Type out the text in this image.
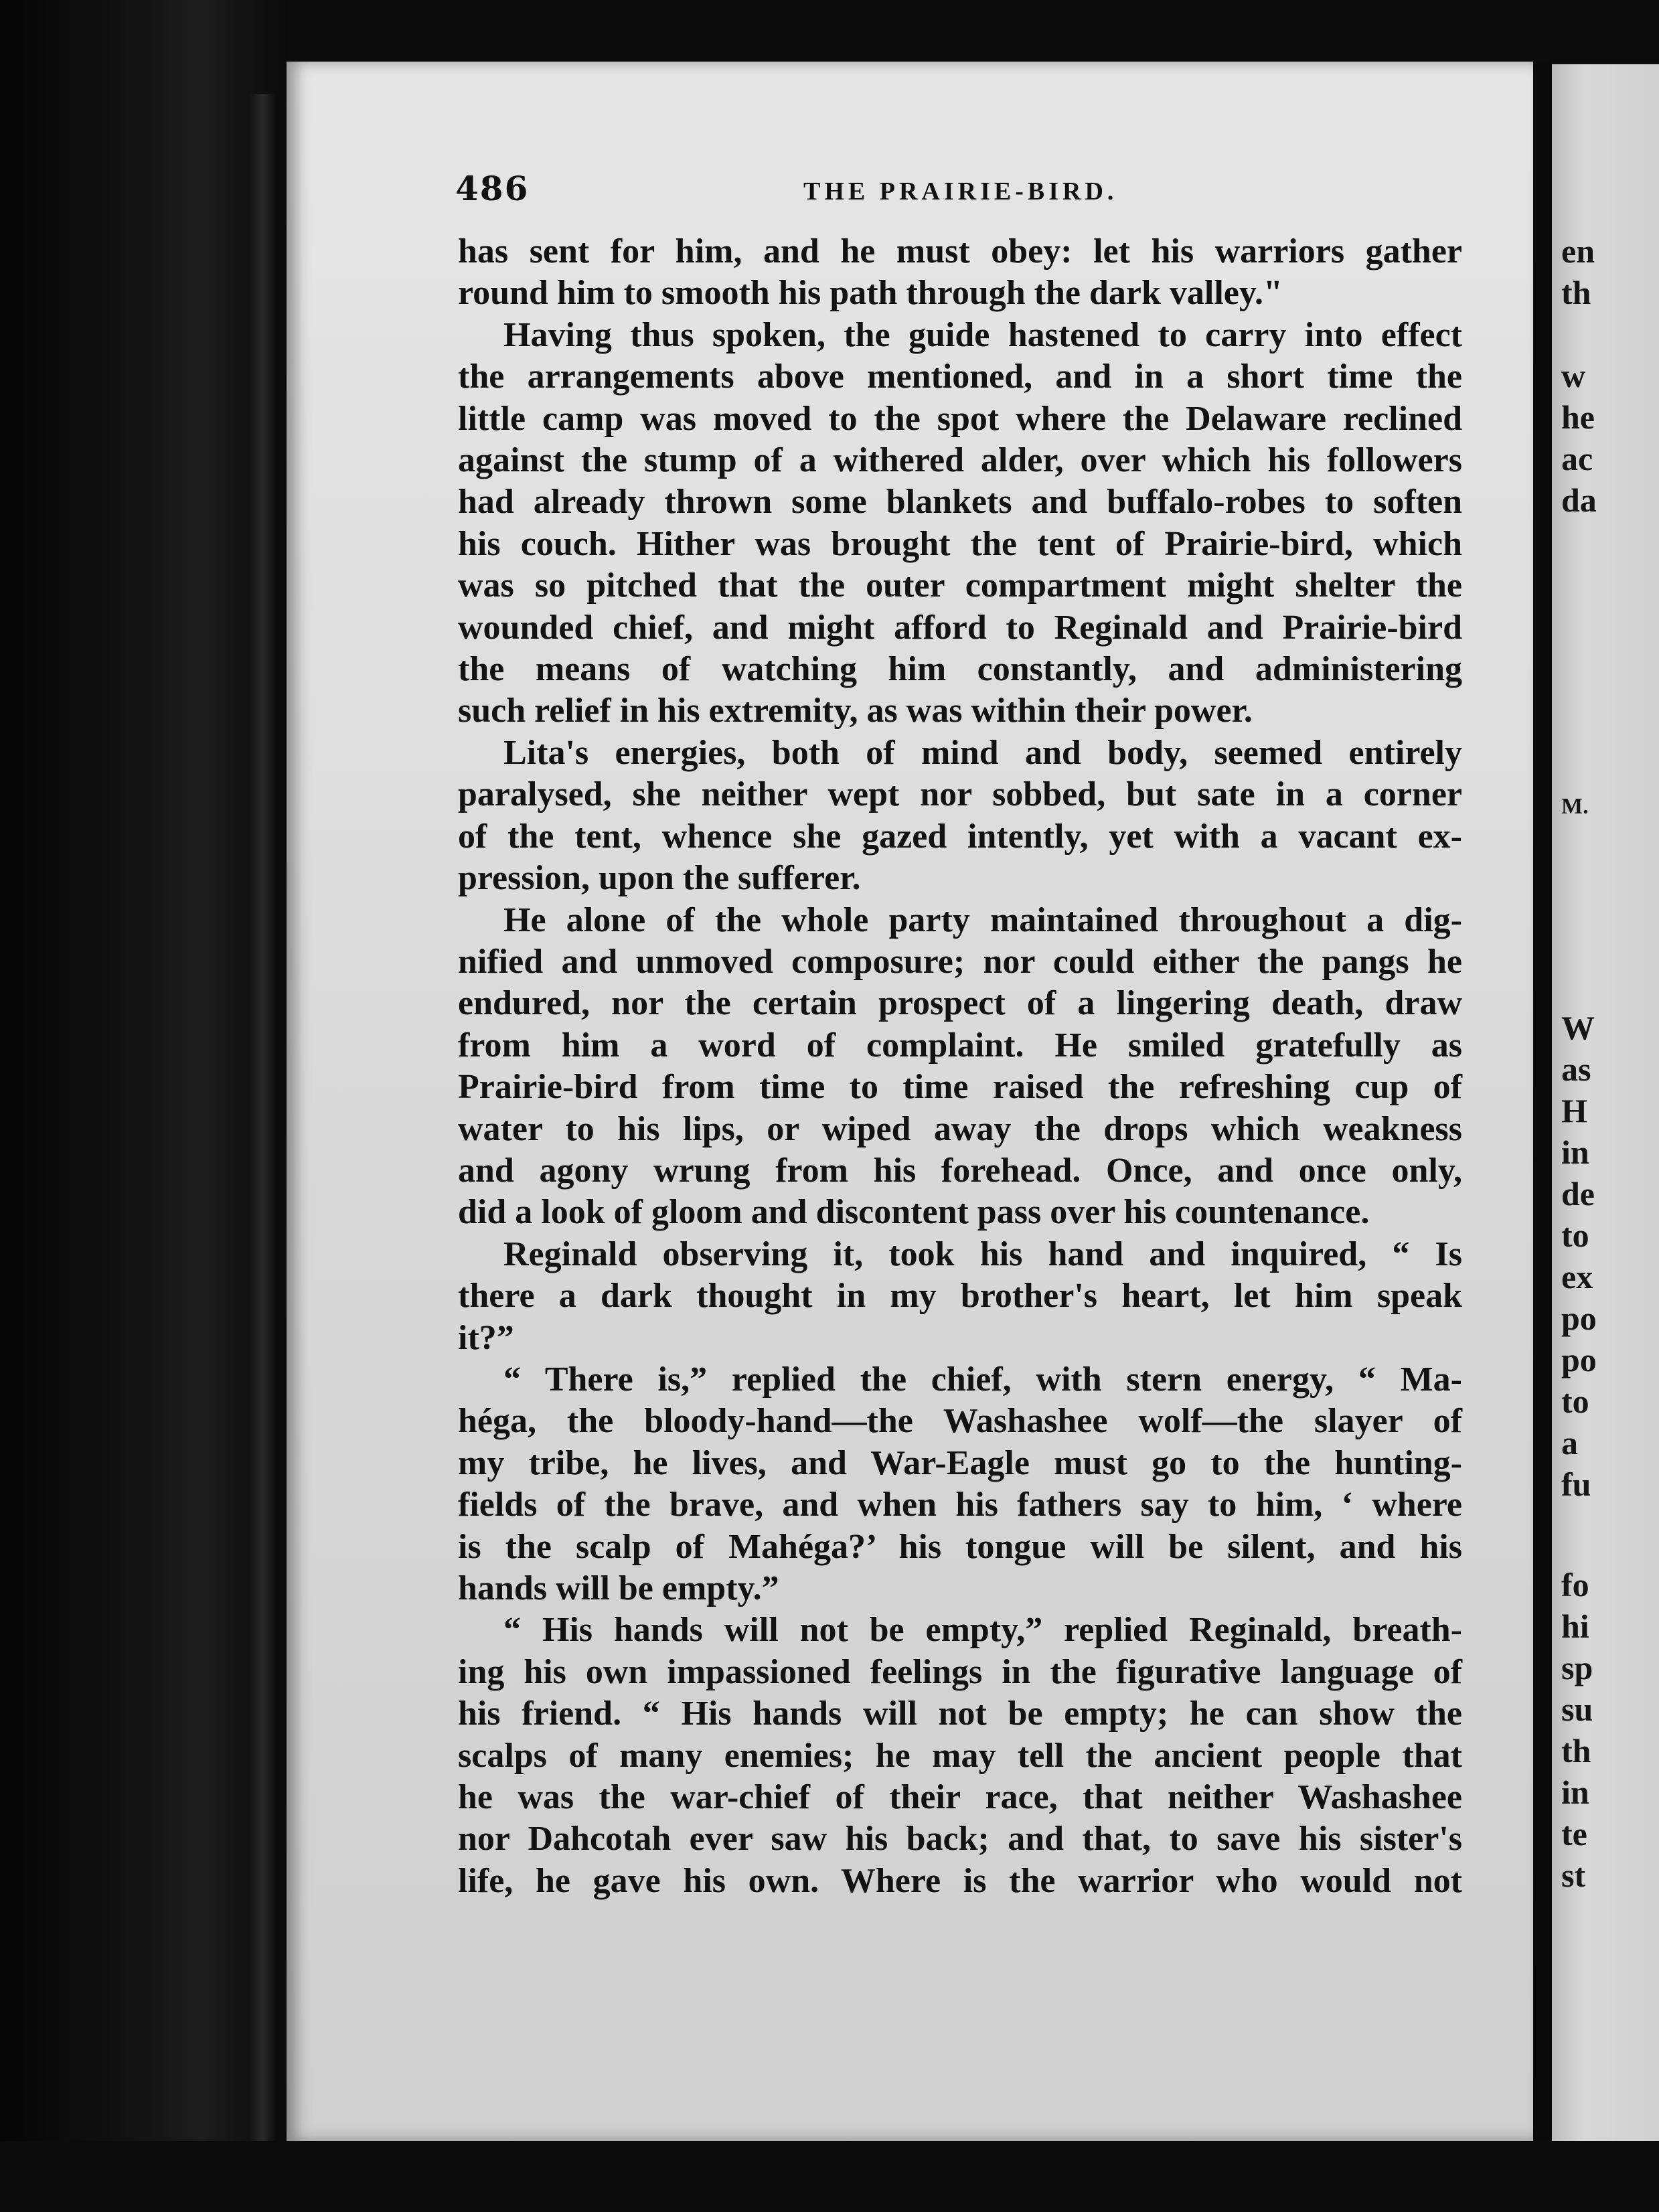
486	THE PRAIRIE-BIRD.

has sent for him, and he must obey: let his warriors gather

round him to smooth his path through the dark valley."

Having thus spoken, the guide hastened to carry into effect

the arrangements above mentioned, and in a short time the

little camp was moved to the spot where the Delaware reclined

against the stump of a withered alder, over which his followers

had already thrown some blankets and buffalo-robes to soften

his couch. Hither was brought the tent of Prairie-bird, which

was so pitched that the outer compartment might shelter the

wounded chief, and might afford to Reginald and Prairie-bird

the means of watching him constantly, and administering

such relief in his extremity, as was within their power.

Lita's energies, both of mind and body, seemed entirely

paralysed, she neither wept nor sobbed, but sate in a corner

of the tent, whence she gazed intently, yet with a vacant ex-

pression, upon the sufferer.

He alone of the whole party maintained throughout a dig-

nified and unmoved composure; nor could either the pangs he

endured, nor the certain prospect of a lingering death, draw

from him a word of complaint. He smiled gratefully as

Prairie-bird from time to time raised the refreshing cup of

water to his lips, or wiped away the drops which weakness

and agony wrung from his forehead. Once, and once only,

did a look of gloom and discontent pass over his countenance.

Reginald observing it, took his hand and inquired, “ Is

there a dark thought in my brother's heart, let him speak

it?”

“ There is,” replied the chief, with stern energy, “ Ma-

héga, the bloody-hand—the Washashee wolf—the slayer of

my tribe, he lives, and War-Eagle must go to the hunting-

fields of the brave, and when his fathers say to him, ‘ where

is the scalp of Mahéga?’ his tongue will be silent, and his

hands will be empty.”

“ His hands will not be empty,” replied Reginald, breath-

ing his own impassioned feelings in the figurative language of

his friend. “ His hands will not be empty; he can show the

scalps of many enemies; he may tell the ancient people that

he was the war-chief of their race, that neither Washashee

nor Dahcotah ever saw his back; and that, to save his sister's

life, he gave his own. Where is the warrior who would not

en
th
w
he
ac
da
M.
W
as
H
in
de
to
ex
po
po
to
a
fu
fo
hi
sp
su
th
in
te
st
